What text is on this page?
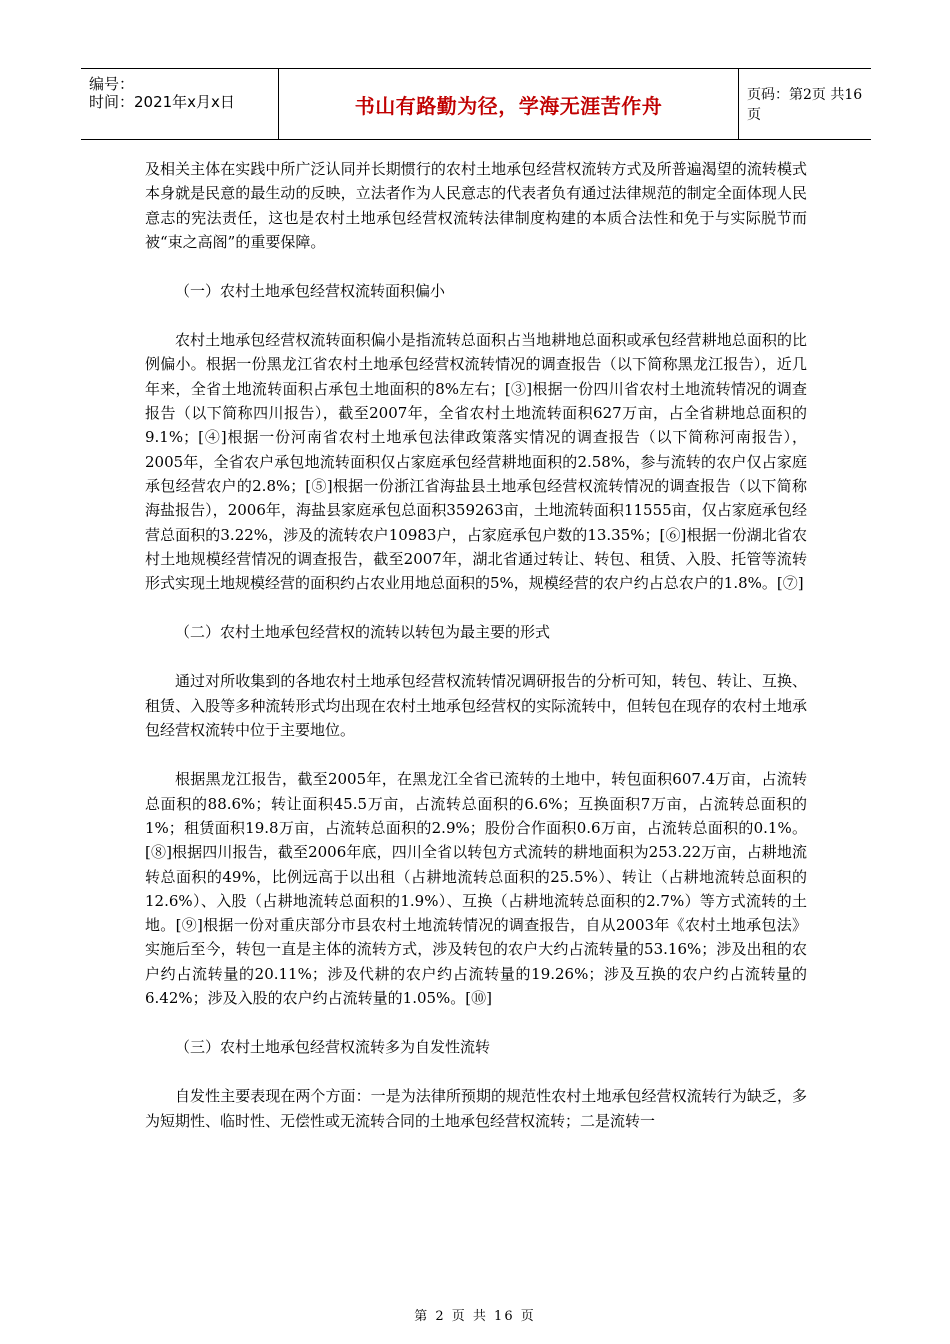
编号：
时间：2021年x月x日	书山有路勤为径，学海无涯苦作舟	页码：第2页 共16页

及相关主体在实践中所广泛认同并长期惯行的农村土地承包经营权流转方式及所普遍渴望的流转模式本身就是民意的最生动的反映，立法者作为人民意志的代表者负有通过法律规范的制定全面体现人民意志的宪法责任，这也是农村土地承包经营权流转法律制度构建的本质合法性和免于与实际脱节而被“束之高阁”的重要保障。

（一）农村土地承包经营权流转面积偏小

农村土地承包经营权流转面积偏小是指流转总面积占当地耕地总面积或承包经营耕地总面积的比例偏小。根据一份黑龙江省农村土地承包经营权流转情况的调查报告（以下简称黑龙江报告），近几年来，全省土地流转面积占承包土地面积的8%左右；[③]根据一份四川省农村土地流转情况的调查报告（以下简称四川报告），截至2007年，全省农村土地流转面积627万亩，占全省耕地总面积的9.1%；[④]根据一份河南省农村土地承包法律政策落实情况的调查报告（以下简称河南报告），2005年，全省农户承包地流转面积仅占家庭承包经营耕地面积的2.58%，参与流转的农户仅占家庭承包经营农户的2.8%；[⑤]根据一份浙江省海盐县土地承包经营权流转情况的调查报告（以下简称海盐报告），2006年，海盐县家庭承包总面积359263亩，土地流转面积11555亩，仅占家庭承包经营总面积的3.22%，涉及的流转农户10983户，占家庭承包户数的13.35%；[⑥]根据一份湖北省农村土地规模经营情况的调查报告，截至2007年，湖北省通过转让、转包、租赁、入股、托管等流转形式实现土地规模经营的面积约占农业用地总面积的5%，规模经营的农户约占总农户的1.8%。[⑦]

（二）农村土地承包经营权的流转以转包为最主要的形式

通过对所收集到的各地农村土地承包经营权流转情况调研报告的分析可知，转包、转让、互换、租赁、入股等多种流转形式均出现在农村土地承包经营权的实际流转中，但转包在现存的农村土地承包经营权流转中位于主要地位。

根据黑龙江报告，截至2005年，在黑龙江全省已流转的土地中，转包面积607.4万亩，占流转总面积的88.6%；转让面积45.5万亩，占流转总面积的6.6%；互换面积7万亩，占流转总面积的1%；租赁面积19.8万亩，占流转总面积的2.9%；股份合作面积0.6万亩，占流转总面积的0.1%。[⑧]根据四川报告，截至2006年底，四川全省以转包方式流转的耕地面积为253.22万亩，占耕地流转总面积的49%，比例远高于以出租（占耕地流转总面积的25.5%）、转让（占耕地流转总面积的12.6%）、入股（占耕地流转总面积的1.9%）、互换（占耕地流转总面积的2.7%）等方式流转的土地。[⑨]根据一份对重庆部分市县农村土地流转情况的调查报告，自从2003年《农村土地承包法》实施后至今，转包一直是主体的流转方式，涉及转包的农户大约占流转量的53.16%；涉及出租的农户约占流转量的20.11%；涉及代耕的农户约占流转量的19.26%；涉及互换的农户约占流转量的6.42%；涉及入股的农户约占流转量的1.05%。[⑩]

（三）农村土地承包经营权流转多为自发性流转

自发性主要表现在两个方面：一是为法律所预期的规范性农村土地承包经营权流转行为缺乏，多为短期性、临时性、无偿性或无流转合同的土地承包经营权流转；二是流转一

第 2 页 共 16 页
